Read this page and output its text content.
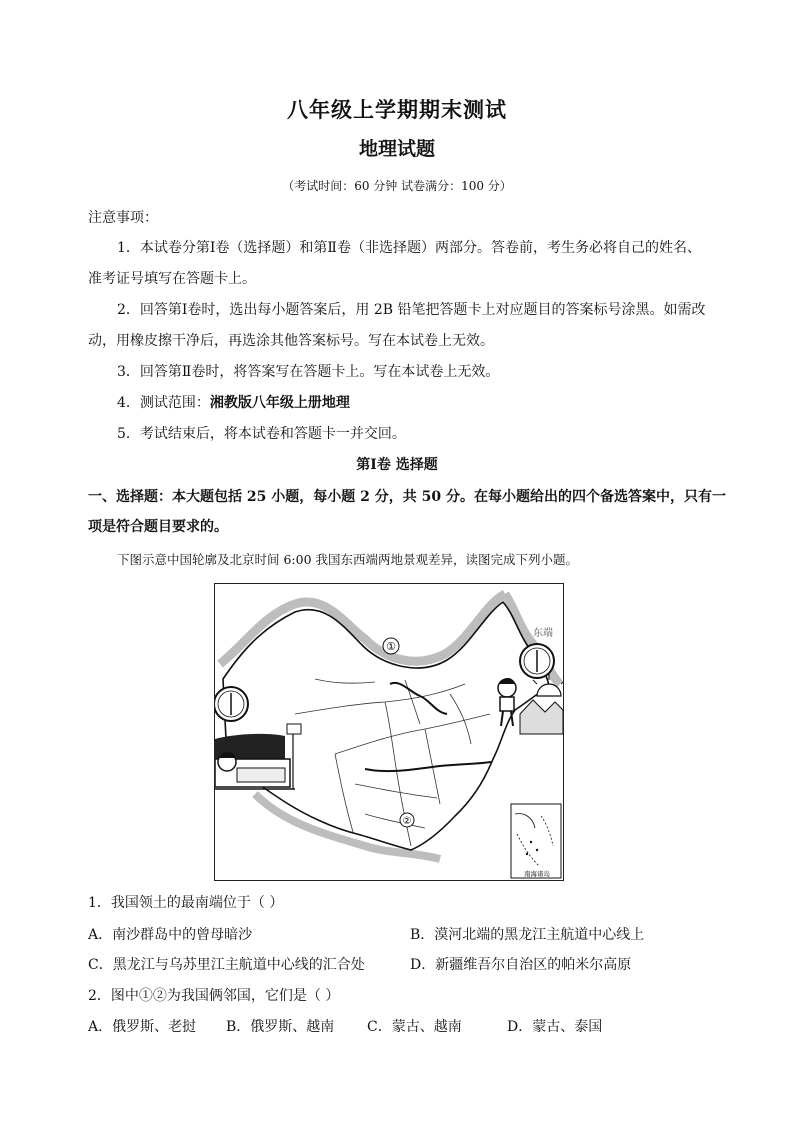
八年级上学期期末测试
地理试题
（考试时间：60 分钟 试卷满分：100 分）
注意事项：
1．本试卷分第Ⅰ卷（选择题）和第Ⅱ卷（非选择题）两部分。答卷前，考生务必将自己的姓名、
准考证号填写在答题卡上。
2．回答第Ⅰ卷时，选出每小题答案后，用 2B 铅笔把答题卡上对应题目的答案标号涂黑。如需改
动，用橡皮擦干净后，再选涂其他答案标号。写在本试卷上无效。
3．回答第Ⅱ卷时，将答案写在答题卡上。写在本试卷上无效。
4．测试范围：湘教版八年级上册地理
5．考试结束后，将本试卷和答题卡一并交回。
第Ⅰ卷 选择题
一、选择题：本大题包括 25 小题，每小题 2 分，共 50 分。在每小题给出的四个备选答案中，只有一
项是符合题目要求的。
下图示意中国轮廓及北京时间 6:00 我国东西端两地景观差异，读图完成下列小题。
①
②
东端
南海诸岛
1．我国领土的最南端位于（ ）
A．南沙群岛中的曾母暗沙	B．漠河北端的黑龙江主航道中心线上
C．黑龙江与乌苏里江主航道中心线的汇合处	D．新疆维吾尔自治区的帕米尔高原
2．图中①②为我国俩邻国，它们是（ ）
A．俄罗斯、老挝 B．俄罗斯、越南 C．蒙古、越南	D．蒙古、泰国
